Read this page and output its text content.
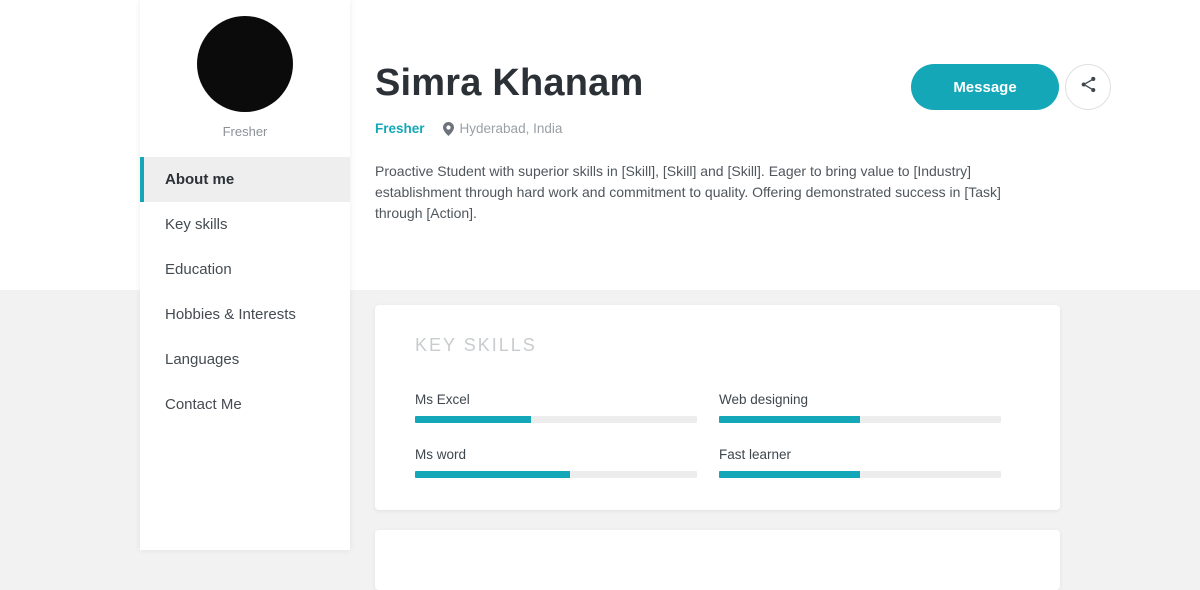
Fresher
About me
Key skills
Education
Hobbies & Interests
Languages
Contact Me
Simra Khanam
Fresher	Hyderabad, India

Proactive Student with superior skills in [Skill], [Skill] and [Skill]. Eager to bring value to [Industry] establishment through hard work and commitment to quality. Offering demonstrated success in [Task] through [Action].

Message
KEY SKILLS
Ms Excel	Web designing
Ms word	Fast learner
